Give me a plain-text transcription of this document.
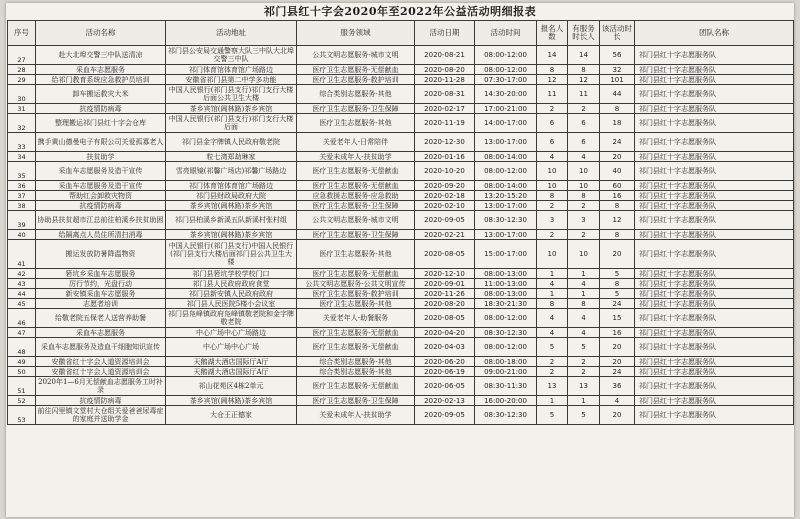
祁门县红十字会2020年至2022年公益活动明细报表
序号	活动名称	活动地址	服务领域	活动日期	活动时间	报名人数	有服务时长人	该活动时长	团队名称
27	赴大北埠交警三中队送清凉	祁门县公安局交通警察大队三中队大北埠交警三中队	公共文明志愿服务-城市文明	2020-08-21	08:00-12:00	14	14	56	祁门县红十字志愿服务队
28	采血车志愿服务	祁门体育馆体育馆广场路边	医疗卫生志愿服务-无偿献血	2020-08-20	08:00-12:00	8	8	32	祁门县红十字志愿服务队
29	给祁门教育系统应急救护员培训	安徽省祁门县第二中学多功能	医疗卫生志愿服务-救护培训	2020-11-28	07:30-17:00	12	12	101	祁门县红十字志愿服务队
30	卸车搬运救灾大米	中国人民银行(祁门县支行)祁门支行大楼后面公共卫生大楼	综合类别志愿服务-其他	2020-08-31	14:30-20:00	11	11	44	祁门县红十字志愿服务队
31	抗疫情防病毒	茶乡宾馆(阊林路)茶乡宾馆	医疗卫生志愿服务-卫生保障	2020-02-17	17:00-21:00	2	2	8	祁门县红十字志愿服务队
32	整理搬运祁门县红十字会仓库	中国人民银行(祁门县支行)祁门支行大楼后面	医疗卫生志愿服务-其他	2020-11-19	14:00-17:00	6	6	18	祁门县红十字志愿服务队
33	携手黄山德曼电子有限公司关爱孤寡老人	祁门县金字牌镇人民政府敬老院	关爱老年人-日常陪伴	2020-12-30	13:00-17:00	6	6	24	祁门县红十字志愿服务队
34	扶贫助学	粒七湾郑劫琳家	关爱未成年人-扶贫助学	2020-01-16	08:00-14:00	4	4	20	祁门县红十字志愿服务队
35	采血车志愿服务及造干宣传	雪亮眼镜(祁馨广场店)祁馨广场路边	医疗卫生志愿服务-无偿献血	2020-10-20	08:00-12:00	10	10	40	祁门县红十字志愿服务队
36	采血车志愿服务及造干宣传	祁门体育馆体育馆广场路边	医疗卫生志愿服务-无偿献血	2020-09-20	08:00-14:00	10	10	60	祁门县红十字志愿服务队
37	帮助红会卸救灾物资	祁门县财政局政府大院	应急救援志愿服务-应急救助	2020-02-18	13:20-15:20	8	8	16	祁门县红十字志愿服务队
38	抗疫情防病毒	茶乡宾馆(阊林路)茶乡宾馆	医疗卫生志愿服务-卫生保障	2020-02-10	13:00-17:00	2	2	8	祁门县红十字志愿服务队
39	协助县扶贫超市江总前往柏溪乡扶贫助困	祁门县柏溪乡新溪五队新溪村张村组	公共文明志愿服务-城市文明	2020-09-05	08:30-12:30	3	3	12	祁门县红十字志愿服务队
40	给隔离点人员住所清扫消毒	茶乡宾馆(阊林路)茶乡宾馆	医疗卫生志愿服务-卫生保障	2020-02-21	13:00-17:00	2	2	8	祁门县红十字志愿服务队
41	搬运发放防暑降温物资	中国人民银行(祁门县支行)中国人民银行(祁门县支行大楼后面祁门县公共卫生大楼	医疗卫生志愿服务-其他	2020-08-05	15:00-17:00	10	10	20	祁门县红十字志愿服务队
42	箬坑乡采血车志愿服务	祁门县箬坑学校学校门口	医疗卫生志愿服务-无偿献血	2020-12-10	08:00-13:00	1	1	5	祁门县红十字志愿服务队
43	厉行节约，光盘行动	祁门县人民政府政府食堂	公共文明志愿服务-公共文明宣传	2020-09-01	11:00-13:00	4	4	8	祁门县红十字志愿服务队
44	新安镇采血车志愿服务	祁门县新安镇人民政府政府	医疗卫生志愿服务-救护培训	2020-11-26	08:00-13:00	1	1	5	祁门县红十字志愿服务队
45	志愿者培训	祁门县人民医院5楼小会议室	医疗卫生志愿服务-其他	2020-08-20	18:30-21:30	8	8	24	祁门县红十字志愿服务队
46	给敬老院五保老人送营养助餐	祁门县凫峰镇政府凫峰镇敬老院和金字牌敬老院	关爱老年人-助餐服务	2020-08-05	08:00-12:00	4	4	15	祁门县红十字志愿服务队
47	采血车志愿服务	中心广场中心广场路边	医疗卫生志愿服务-无偿献血	2020-04-20	08:30-12:30	4	4	16	祁门县红十字志愿服务队
48	采血车志愿服务及造血干细胞知识宣传	中心广场中心广场	医疗卫生志愿服务-无偿献血	2020-04-03	08:00-12:00	5	5	20	祁门县红十字志愿服务队
49	安徽省红十字会人道资源培训会	天鹅湖大酒店国际厅A厅	综合类别志愿服务-其他	2020-06-20	08:00-18:00	2	2	20	祁门县红十字志愿服务队
50	安徽省红十字会人道资源培训会	天鹅湖大酒店国际厅A厅	综合类别志愿服务-其他	2020-06-19	09:00-21:00	2	2	24	祁门县红十字志愿服务队
51	2020年1—6月无偿献血志愿服务工时补录	祁山花苑区4栋2单元	医疗卫生志愿服务-无偿献血	2020-06-05	08:30-11:30	13	13	36	祁门县红十字志愿服务队
52	抗疫情防病毒	茶乡宾馆(阊林路)茶乡宾馆	医疗卫生志愿服务-卫生保障	2020-02-13	16:00-20:00	1	1	4	祁门县红十字志愿服务队
53	前往闪里镇文堂村大仓组关爱爸爸尿毒症的家庭并送助学金	大仓王正德家	关爱未成年人-扶贫助学	2020-09-05	08:30-12:30	5	5	20	祁门县红十字志愿服务队
